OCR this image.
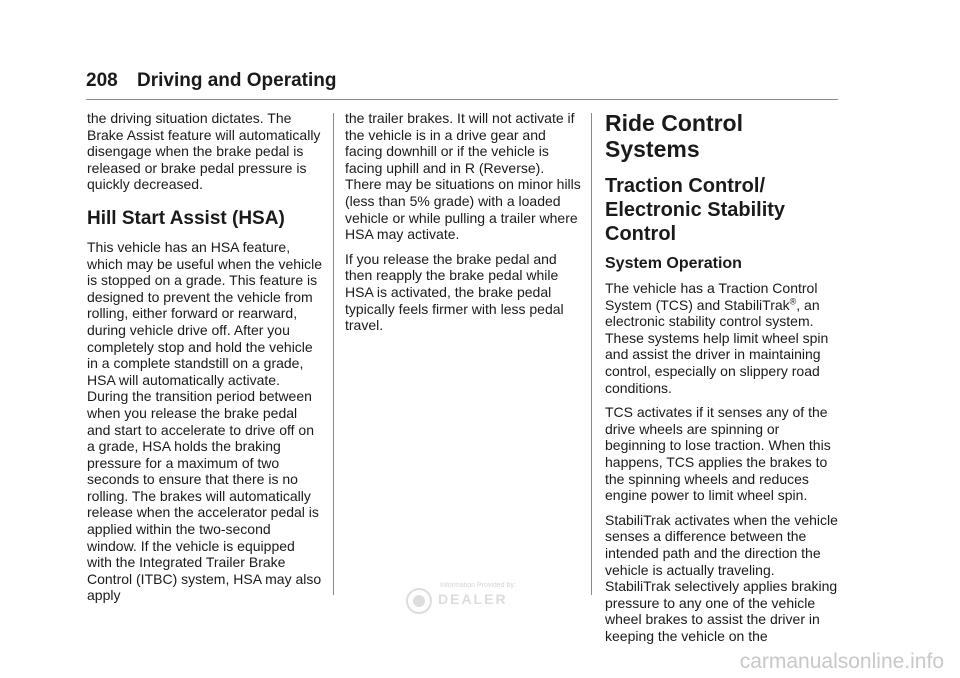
208 Driving and Operating

the driving situation dictates. The Brake Assist feature will automatically disengage when the brake pedal is released or brake pedal pressure is quickly decreased.

Hill Start Assist (HSA)

This vehicle has an HSA feature, which may be useful when the vehicle is stopped on a grade. This feature is designed to prevent the vehicle from rolling, either forward or rearward, during vehicle drive off. After you completely stop and hold the vehicle in a complete standstill on a grade, HSA will automatically activate. During the transition period between when you release the brake pedal and start to accelerate to drive off on a grade, HSA holds the braking pressure for a maximum of two seconds to ensure that there is no rolling. The brakes will automatically release when the accelerator pedal is applied within the two-second window. If the vehicle is equipped with the Integrated Trailer Brake Control (ITBC) system, HSA may also apply

the trailer brakes. It will not activate if the vehicle is in a drive gear and facing downhill or if the vehicle is facing uphill and in R (Reverse). There may be situations on minor hills (less than 5% grade) with a loaded vehicle or while pulling a trailer where HSA may activate.

If you release the brake pedal and then reapply the brake pedal while HSA is activated, the brake pedal typically feels firmer with less pedal travel.

Ride Control Systems
Traction Control/ Electronic Stability Control
System Operation

The vehicle has a Traction Control System (TCS) and StabiliTrak®, an electronic stability control system. These systems help limit wheel spin and assist the driver in maintaining control, especially on slippery road conditions.

TCS activates if it senses any of the drive wheels are spinning or beginning to lose traction. When this happens, TCS applies the brakes to the spinning wheels and reduces engine power to limit wheel spin.

StabiliTrak activates when the vehicle senses a difference between the intended path and the direction the vehicle is actually traveling. StabiliTrak selectively applies braking pressure to any one of the vehicle wheel brakes to assist the driver in keeping the vehicle on the

Information Provided by:
DEALER
carmanualsonline.info
